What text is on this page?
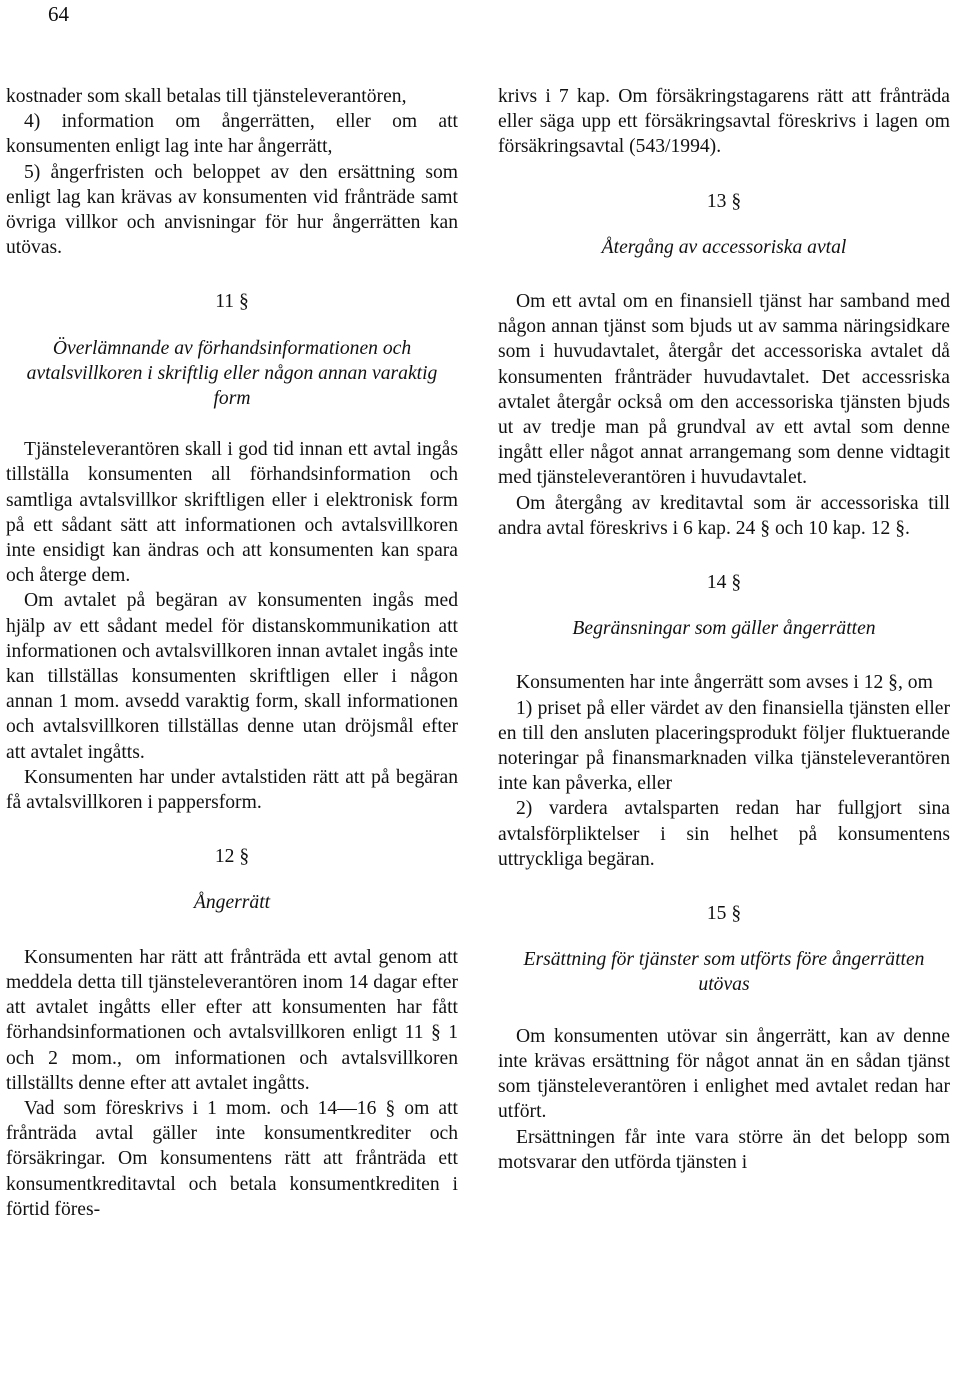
64

kostnader som skall betalas till tjänsteleverantören,

4) information om ångerrätten, eller om att konsumenten enligt lag inte har ångerrätt,

5) ångerfristen och beloppet av den ersättning som enligt lag kan krävas av konsumenten vid frånträde samt övriga villkor och anvisningar för hur ångerrätten kan utövas.

11 §
Överlämnande av förhandsinformationen och avtalsvillkoren i skriftlig eller någon annan varaktig form

Tjänsteleverantören skall i god tid innan ett avtal ingås tillställa konsumenten all förhandsinformation och samtliga avtalsvillkor skriftligen eller i elektronisk form på ett sådant sätt att informationen och avtalsvillkoren inte ensidigt kan ändras och att konsumenten kan spara och återge dem.

Om avtalet på begäran av konsumenten ingås med hjälp av ett sådant medel för distanskommunikation att informationen och avtalsvillkoren innan avtalet ingås inte kan tillställas konsumenten skriftligen eller i någon annan 1 mom. avsedd varaktig form, skall informationen och avtalsvillkoren tillställas denne utan dröjsmål efter att avtalet ingåtts.

Konsumenten har under avtalstiden rätt att på begäran få avtalsvillkoren i pappersform.

12 §
Ångerrätt

Konsumenten har rätt att frånträda ett avtal genom att meddela detta till tjänsteleverantören inom 14 dagar efter att avtalet ingåtts eller efter att konsumenten har fått förhandsinformationen och avtalsvillkoren enligt 11 § 1 och 2 mom., om informationen och avtalsvillkoren tillställts denne efter att avtalet ingåtts.

Vad som föreskrivs i 1 mom. och 14—16 § om att frånträda avtal gäller inte konsumentkrediter och försäkringar. Om konsumentens rätt att frånträda ett konsumentkreditavtal och betala konsumentkrediten i förtid föres-

krivs i 7 kap. Om försäkringstagarens rätt att frånträda eller säga upp ett försäkringsavtal föreskrivs i lagen om försäkringsavtal (543/1994).

13 §
Återgång av accessoriska avtal

Om ett avtal om en finansiell tjänst har samband med någon annan tjänst som bjuds ut av samma näringsidkare som i huvudavtalet, återgår det accessoriska avtalet då konsumenten frånträder huvudavtalet. Det accessriska avtalet återgår också om den accessoriska tjänsten bjuds ut av tredje man på grundval av ett avtal som denne ingått eller något annat arrangemang som denne vidtagit med tjänsteleverantören i huvudavtalet.

Om återgång av kreditavtal som är accessoriska till andra avtal föreskrivs i 6 kap. 24 § och 10 kap. 12 §.

14 §
Begränsningar som gäller ångerrätten

Konsumenten har inte ångerrätt som avses i 12 §, om

1) priset på eller värdet av den finansiella tjänsten eller en till den ansluten placeringsprodukt följer fluktuerande noteringar på finansmarknaden vilka tjänsteleverantören inte kan påverka, eller

2) vardera avtalsparten redan har fullgjort sina avtalsförpliktelser i sin helhet på konsumentens uttryckliga begäran.

15 §
Ersättning för tjänster som utförts före ångerrätten utövas

Om konsumenten utövar sin ångerrätt, kan av denne inte krävas ersättning för något annat än en sådan tjänst som tjänsteleverantören i enlighet med avtalet redan har utfört.

Ersättningen får inte vara större än det belopp som motsvarar den utförda tjänsten i
